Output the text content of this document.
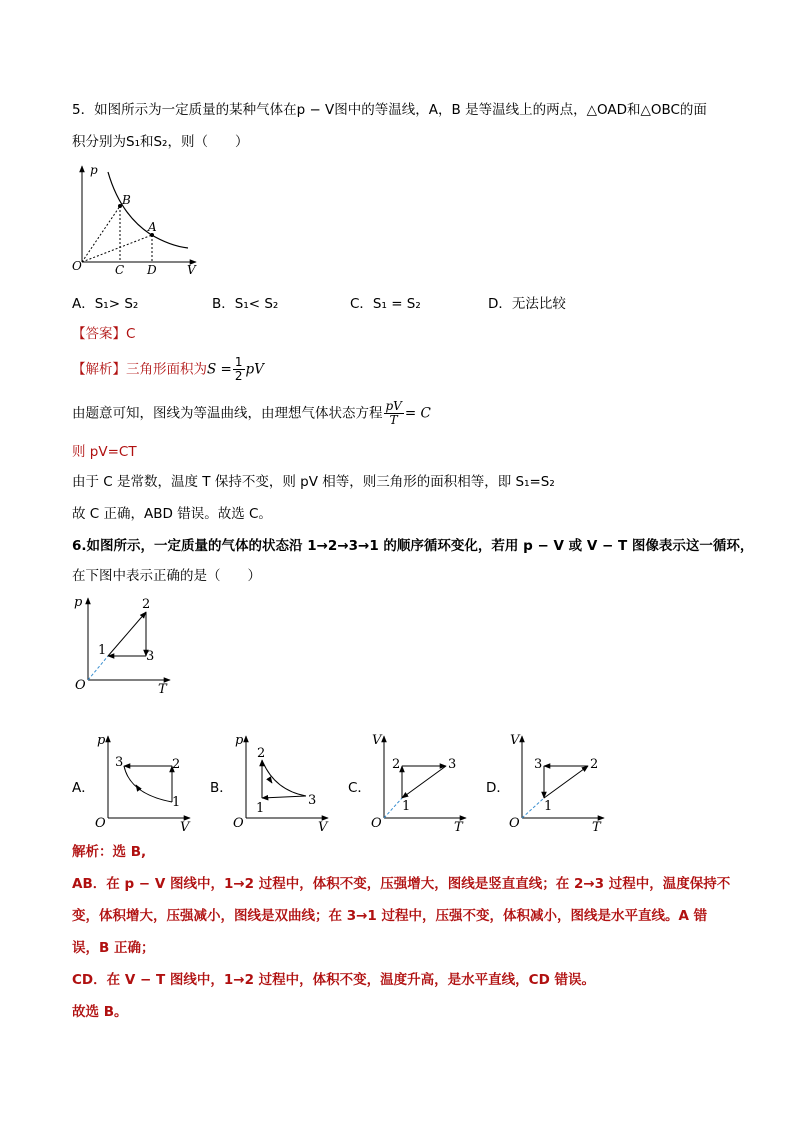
5．如图所示为一定质量的某种气体在p − V图中的等温线，A，B 是等温线上的两点，△OAD和△OBC的面
积分别为S₁和S₂，则（　　）
p
V
O
B
A
C D
A．S₁> S₂	B．S₁< S₂	C．S₁ = S₂	D．无法比较
【答案】C
【解析】三角形面积为$S = \frac{1}{2}$ pV
由题意可知，图线为等温曲线，由理想气体状态方程 $\frac{pV}{T} = C$
则 pV=CT
由于 C 是常数，温度 T 保持不变，则 pV 相等，则三角形的面积相等，即 S₁=S₂
故 C 正确，ABD 错误。故选 C。
6.如图所示，一定质量的气体的状态沿 1→2→3→1 的顺序循环变化，若用 p − V 或 V − T 图像表示这一循环，
在下图中表示正确的是（　　）
p
T
O
1
2
3
A．
p
V
O
1
2
3
B．
p
V
O
1
2
3
C．
V
T
O
1
2	3
D．
V
T
O
1
2
3
解析：选 B,
AB．在 p − V 图线中，1→2 过程中，体积不变，压强增大，图线是竖直直线；在 2→3 过程中，温度保持不
变，体积增大，压强减小，图线是双曲线；在 3→1 过程中，压强不变，体积减小，图线是水平直线。A 错
误，B 正确；
CD．在 V − T 图线中，1→2 过程中，体积不变，温度升高，是水平直线，CD 错误。
故选 B。
